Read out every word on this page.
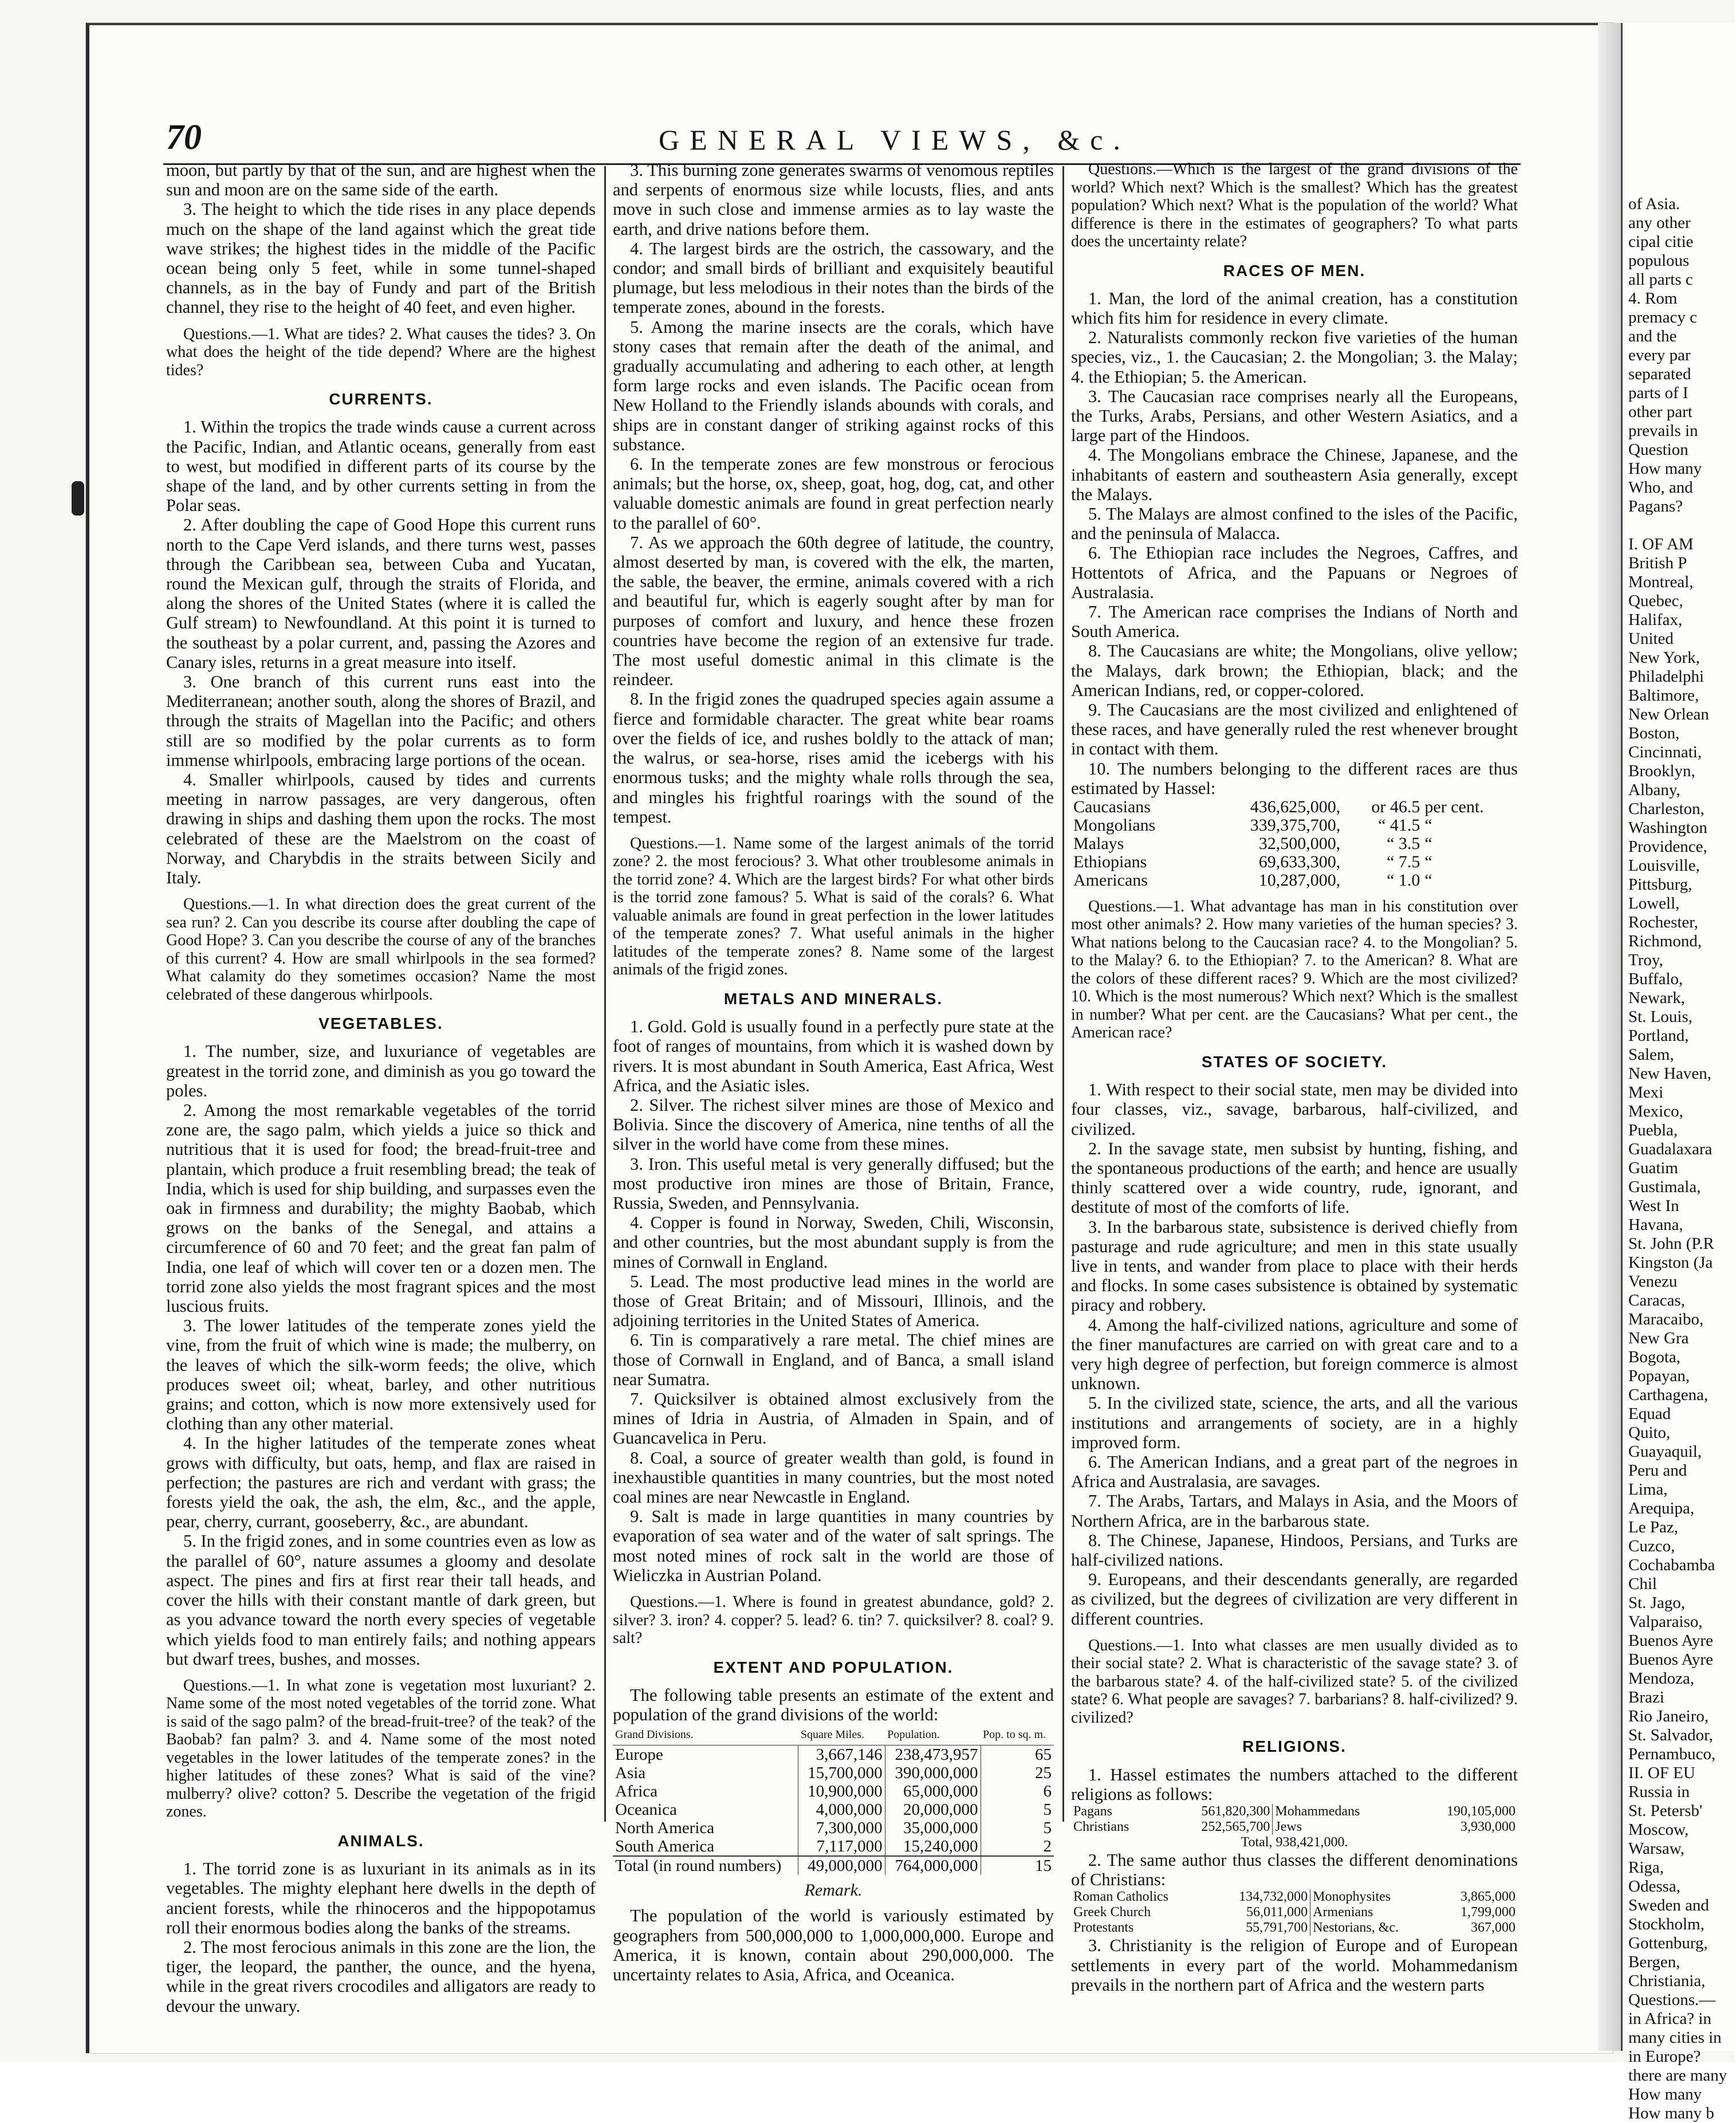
70	GENERAL VIEWS, &c.

moon, but partly by that of the sun, and are highest when the sun and moon are on the same side of the earth.

3. The height to which the tide rises in any place depends much on the shape of the land against which the great tide wave strikes; the highest tides in the middle of the Pacific ocean being only 5 feet, while in some tunnel-shaped channels, as in the bay of Fundy and part of the British channel, they rise to the height of 40 feet, and even higher.

Questions.—1. What are tides? 2. What causes the tides? 3. On what does the height of the tide depend? Where are the highest tides?

CURRENTS.

1. Within the tropics the trade winds cause a current across the Pacific, Indian, and Atlantic oceans, generally from east to west, but modified in different parts of its course by the shape of the land, and by other currents setting in from the Polar seas.

2. After doubling the cape of Good Hope this current runs north to the Cape Verd islands, and there turns west, passes through the Caribbean sea, between Cuba and Yucatan, round the Mexican gulf, through the straits of Florida, and along the shores of the United States (where it is called the Gulf stream) to Newfoundland. At this point it is turned to the southeast by a polar current, and, passing the Azores and Canary isles, returns in a great measure into itself.

3. One branch of this current runs east into the Mediterranean; another south, along the shores of Brazil, and through the straits of Magellan into the Pacific; and others still are so modified by the polar currents as to form immense whirlpools, embracing large portions of the ocean.

4. Smaller whirlpools, caused by tides and currents meeting in narrow passages, are very dangerous, often drawing in ships and dashing them upon the rocks. The most celebrated of these are the Maelstrom on the coast of Norway, and Charybdis in the straits between Sicily and Italy.

Questions.—1. In what direction does the great current of the sea run? 2. Can you describe its course after doubling the cape of Good Hope? 3. Can you describe the course of any of the branches of this current? 4. How are small whirlpools in the sea formed? What calamity do they sometimes occasion? Name the most celebrated of these dangerous whirlpools.

VEGETABLES.

1. The number, size, and luxuriance of vegetables are greatest in the torrid zone, and diminish as you go toward the poles.

2. Among the most remarkable vegetables of the torrid zone are, the sago palm, which yields a juice so thick and nutritious that it is used for food; the bread-fruit-tree and plantain, which produce a fruit resembling bread; the teak of India, which is used for ship building, and surpasses even the oak in firmness and durability; the mighty Baobab, which grows on the banks of the Senegal, and attains a circumference of 60 and 70 feet; and the great fan palm of India, one leaf of which will cover ten or a dozen men. The torrid zone also yields the most fragrant spices and the most luscious fruits.

3. The lower latitudes of the temperate zones yield the vine, from the fruit of which wine is made; the mulberry, on the leaves of which the silk-worm feeds; the olive, which produces sweet oil; wheat, barley, and other nutritious grains; and cotton, which is now more extensively used for clothing than any other material.

4. In the higher latitudes of the temperate zones wheat grows with difficulty, but oats, hemp, and flax are raised in perfection; the pastures are rich and verdant with grass; the forests yield the oak, the ash, the elm, &c., and the apple, pear, cherry, currant, gooseberry, &c., are abundant.

5. In the frigid zones, and in some countries even as low as the parallel of 60°, nature assumes a gloomy and desolate aspect. The pines and firs at first rear their tall heads, and cover the hills with their constant mantle of dark green, but as you advance toward the north every species of vegetable which yields food to man entirely fails; and nothing appears but dwarf trees, bushes, and mosses.

Questions.—1. In what zone is vegetation most luxuriant? 2. Name some of the most noted vegetables of the torrid zone. What is said of the sago palm? of the bread-fruit-tree? of the teak? of the Baobab? fan palm? 3. and 4. Name some of the most noted vegetables in the lower latitudes of the temperate zones? in the higher latitudes of these zones? What is said of the vine? mulberry? olive? cotton? 5. Describe the vegetation of the frigid zones.

ANIMALS.

1. The torrid zone is as luxuriant in its animals as in its vegetables. The mighty elephant here dwells in the depth of ancient forests, while the rhinoceros and the hippopotamus roll their enormous bodies along the banks of the streams.

2. The most ferocious animals in this zone are the lion, the tiger, the leopard, the panther, the ounce, and the hyena, while in the great rivers crocodiles and alligators are ready to devour the unwary.

3. This burning zone generates swarms of venomous reptiles and serpents of enormous size while locusts, flies, and ants move in such close and immense armies as to lay waste the earth, and drive nations before them.

4. The largest birds are the ostrich, the cassowary, and the condor; and small birds of brilliant and exquisitely beautiful plumage, but less melodious in their notes than the birds of the temperate zones, abound in the forests.

5. Among the marine insects are the corals, which have stony cases that remain after the death of the animal, and gradually accumulating and adhering to each other, at length form large rocks and even islands. The Pacific ocean from New Holland to the Friendly islands abounds with corals, and ships are in constant danger of striking against rocks of this substance.

6. In the temperate zones are few monstrous or ferocious animals; but the horse, ox, sheep, goat, hog, dog, cat, and other valuable domestic animals are found in great perfection nearly to the parallel of 60°.

7. As we approach the 60th degree of latitude, the country, almost deserted by man, is covered with the elk, the marten, the sable, the beaver, the ermine, animals covered with a rich and beautiful fur, which is eagerly sought after by man for purposes of comfort and luxury, and hence these frozen countries have become the region of an extensive fur trade. The most useful domestic animal in this climate is the reindeer.

8. In the frigid zones the quadruped species again assume a fierce and formidable character. The great white bear roams over the fields of ice, and rushes boldly to the attack of man; the walrus, or sea-horse, rises amid the icebergs with his enormous tusks; and the mighty whale rolls through the sea, and mingles his frightful roarings with the sound of the tempest.

Questions.—1. Name some of the largest animals of the torrid zone? 2. the most ferocious? 3. What other troublesome animals in the torrid zone? 4. Which are the largest birds? For what other birds is the torrid zone famous? 5. What is said of the corals? 6. What valuable animals are found in great perfection in the lower latitudes of the temperate zones? 7. What useful animals in the higher latitudes of the temperate zones? 8. Name some of the largest animals of the frigid zones.

METALS AND MINERALS.

1. Gold. Gold is usually found in a perfectly pure state at the foot of ranges of mountains, from which it is washed down by rivers. It is most abundant in South America, East Africa, West Africa, and the Asiatic isles.

2. Silver. The richest silver mines are those of Mexico and Bolivia. Since the discovery of America, nine tenths of all the silver in the world have come from these mines.

3. Iron. This useful metal is very generally diffused; but the most productive iron mines are those of Britain, France, Russia, Sweden, and Pennsylvania.

4. Copper is found in Norway, Sweden, Chili, Wisconsin, and other countries, but the most abundant supply is from the mines of Cornwall in England.

5. Lead. The most productive lead mines in the world are those of Great Britain; and of Missouri, Illinois, and the adjoining territories in the United States of America.

6. Tin is comparatively a rare metal. The chief mines are those of Cornwall in England, and of Banca, a small island near Sumatra.

7. Quicksilver is obtained almost exclusively from the mines of Idria in Austria, of Almaden in Spain, and of Guancavelica in Peru.

8. Coal, a source of greater wealth than gold, is found in inexhaustible quantities in many countries, but the most noted coal mines are near Newcastle in England.

9. Salt is made in large quantities in many countries by evaporation of sea water and of the water of salt springs. The most noted mines of rock salt in the world are those of Wieliczka in Austrian Poland.

Questions.—1. Where is found in greatest abundance, gold? 2. silver? 3. iron? 4. copper? 5. lead? 6. tin? 7. quicksilver? 8. coal? 9. salt?

EXTENT AND POPULATION.

The following table presents an estimate of the extent and population of the grand divisions of the world:

Grand Divisions.	Square Miles.	Population.	Pop. to sq. m.
Europe	3,667,146	238,473,957	65
Asia	15,700,000	390,000,000	25
Africa	10,900,000	65,000,000	6
Oceanica	4,000,000	20,000,000	5
North America	7,300,000	35,000,000	5
South America	7,117,000	15,240,000	2
Total (in round numbers)	49,000,000	764,000,000	15
Remark.

The population of the world is variously estimated by geographers from 500,000,000 to 1,000,000,000. Europe and America, it is known, contain about 290,000,000. The uncertainty relates to Asia, Africa, and Oceanica.

Questions.—Which is the largest of the grand divisions of the world? Which next? Which is the smallest? Which has the greatest population? Which next? What is the population of the world? What difference is there in the estimates of geographers? To what parts does the uncertainty relate?

RACES OF MEN.

1. Man, the lord of the animal creation, has a constitution which fits him for residence in every climate.

2. Naturalists commonly reckon five varieties of the human species, viz., 1. the Caucasian; 2. the Mongolian; 3. the Malay; 4. the Ethiopian; 5. the American.

3. The Caucasian race comprises nearly all the Europeans, the Turks, Arabs, Persians, and other Western Asiatics, and a large part of the Hindoos.

4. The Mongolians embrace the Chinese, Japanese, and the inhabitants of eastern and southeastern Asia generally, except the Malays.

5. The Malays are almost confined to the isles of the Pacific, and the peninsula of Malacca.

6. The Ethiopian race includes the Negroes, Caffres, and Hottentots of Africa, and the Papuans or Negroes of Australasia.

7. The American race comprises the Indians of North and South America.

8. The Caucasians are white; the Mongolians, olive yellow; the Malays, dark brown; the Ethiopian, black; and the American Indians, red, or copper-colored.

9. The Caucasians are the most civilized and enlightened of these races, and have generally ruled the rest whenever brought in contact with them.

10. The numbers belonging to the different races are thus estimated by Hassel:

Caucasians	436,625,000,	or 46.5	per cent.
Mongolians	339,375,700,	“ 41.5	“
Malays	32,500,000,	“ 3.5	“
Ethiopians	69,633,300,	“ 7.5	“
Americans	10,287,000,	“ 1.0	“

Questions.—1. What advantage has man in his constitution over most other animals? 2. How many varieties of the human species? 3. What nations belong to the Caucasian race? 4. to the Mongolian? 5. to the Malay? 6. to the Ethiopian? 7. to the American? 8. What are the colors of these different races? 9. Which are the most civilized? 10. Which is the most numerous? Which next? Which is the smallest in number? What per cent. are the Caucasians? What per cent., the American race?

STATES OF SOCIETY.

1. With respect to their social state, men may be divided into four classes, viz., savage, barbarous, half-civilized, and civilized.

2. In the savage state, men subsist by hunting, fishing, and the spontaneous productions of the earth; and hence are usually thinly scattered over a wide country, rude, ignorant, and destitute of most of the comforts of life.

3. In the barbarous state, subsistence is derived chiefly from pasturage and rude agriculture; and men in this state usually live in tents, and wander from place to place with their herds and flocks. In some cases subsistence is obtained by systematic piracy and robbery.

4. Among the half-civilized nations, agriculture and some of the finer manufactures are carried on with great care and to a very high degree of perfection, but foreign commerce is almost unknown.

5. In the civilized state, science, the arts, and all the various institutions and arrangements of society, are in a highly improved form.

6. The American Indians, and a great part of the negroes in Africa and Australasia, are savages.

7. The Arabs, Tartars, and Malays in Asia, and the Moors of Northern Africa, are in the barbarous state.

8. The Chinese, Japanese, Hindoos, Persians, and Turks are half-civilized nations.

9. Europeans, and their descendants generally, are regarded as civilized, but the degrees of civilization are very different in different countries.

Questions.—1. Into what classes are men usually divided as to their social state? 2. What is characteristic of the savage state? 3. of the barbarous state? 4. of the half-civilized state? 5. of the civilized state? 6. What people are savages? 7. barbarians? 8. half-civilized? 9. civilized?

RELIGIONS.

1. Hassel estimates the numbers attached to the different religions as follows:

Pagans	561,820,300	Mohammedans	190,105,000
Christians	252,565,700	Jews	3,930,000
Total, 938,421,000.			

2. The same author thus classes the different denominations of Christians:

Roman Catholics	134,732,000	Monophysites	3,865,000
Greek Church	56,011,000	Armenians	1,799,000
Protestants	55,791,700	Nestorians, &c.	367,000

3. Christianity is the religion of Europe and of European settlements in every part of the world. Mohammedanism prevails in the northern part of Africa and the western parts

of Asia.
any other
cipal citie
populous
all parts c
4. Rom
premacy c
and the
every par
separated
parts of I
other part
prevails in
Question
How many
Who, and
Pagans?
I. OF AM
British P
Montreal,
Quebec,
Halifax,
United
New York,
Philadelphi
Baltimore,
New Orlean
Boston,
Cincinnati,
Brooklyn,
Albany,
Charleston,
Washington
Providence,
Louisville,
Pittsburg,
Lowell,
Rochester,
Richmond,
Troy,
Buffalo,
Newark,
St. Louis,
Portland,
Salem,
New Haven,
Mexi
Mexico,
Puebla,
Guadalaxara
Guatim
Gustimala,
West In
Havana,
St. John (P.R
Kingston (Ja
Venezu
Caracas,
Maracaibo,
New Gra
Bogota,
Popayan,
Carthagena,
Equad
Quito,
Guayaquil,
Peru and
Lima,
Arequipa,
Le Paz,
Cuzco,
Cochabamba
Chil
St. Jago,
Valparaiso,
Buenos Ayre
Buenos Ayre
Mendoza,
Brazi
Rio Janeiro,
St. Salvador,
Pernambuco,
II. OF EU
Russia in
St. Petersb'
Moscow,
Warsaw,
Riga,
Odessa,
Sweden and
Stockholm,
Gottenburg,
Bergen,
Christiania,
Questions.—
in Africa? in
many cities in
in Europe?
there are many
How many
How many b
